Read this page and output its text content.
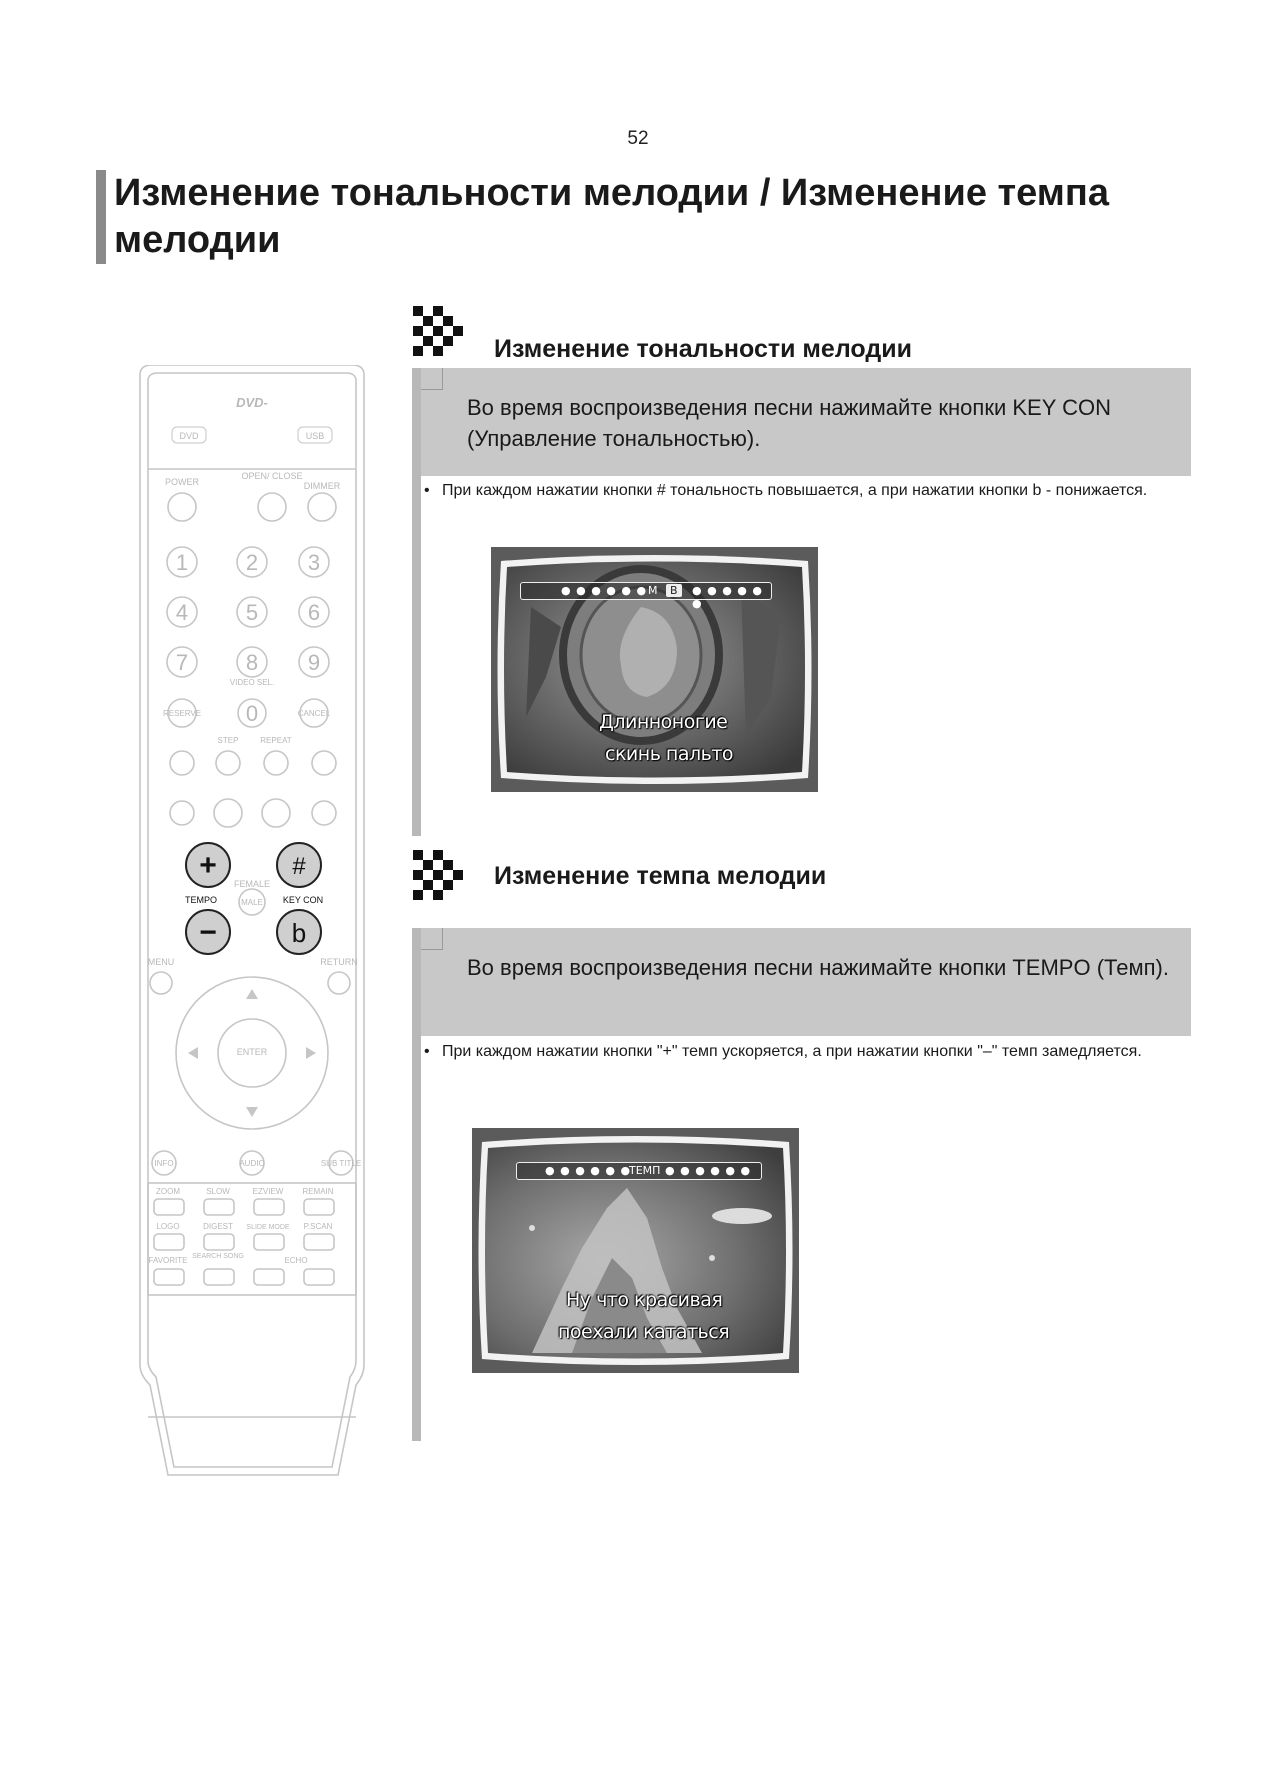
52
Изменение тональности мелодии / Изменение темпа мелодии
DVD-
DVD	USB
POWER
OPEN/ CLOSE
DIMMER
1	2 3
4	5 6
7	8 9
0
VIDEO SEL.
RESERVE	CANCEL
STEP	REPEAT
+	#
−	b
FEMALE
MALE
TEMPO	KEY CON
MENU	RETURN
ENTER
INFO	AUDIO	SUB TITLE
ZOOM	SLOW	EZVIEW REMAIN
LOGO	DIGEST SLIDE MODE P.SCAN
FAVORITE SEARCH SONG	ECHO
Изменение тональности мелодии
Во время воспроизведения песни нажимайте кнопки KEY CON (Управление тональностью).
• При каждом нажатии кнопки # тональность повышается, а при нажатии кнопки b - понижается.
● ● ● ● ● ● M	B	● ● ● ● ● ●
Длинноногие
скинь пальто
Изменение темпа мелодии
Во время воспроизведения песни нажимайте кнопки TEMPO (Темп).
• При каждом нажатии кнопки "+" темп ускоряется, а при нажатии кнопки "–" темп замедляется.
● ● ● ● ● ●
ТЕМП ● ● ● ● ● ●
Ну что красивая
поехали кататься
